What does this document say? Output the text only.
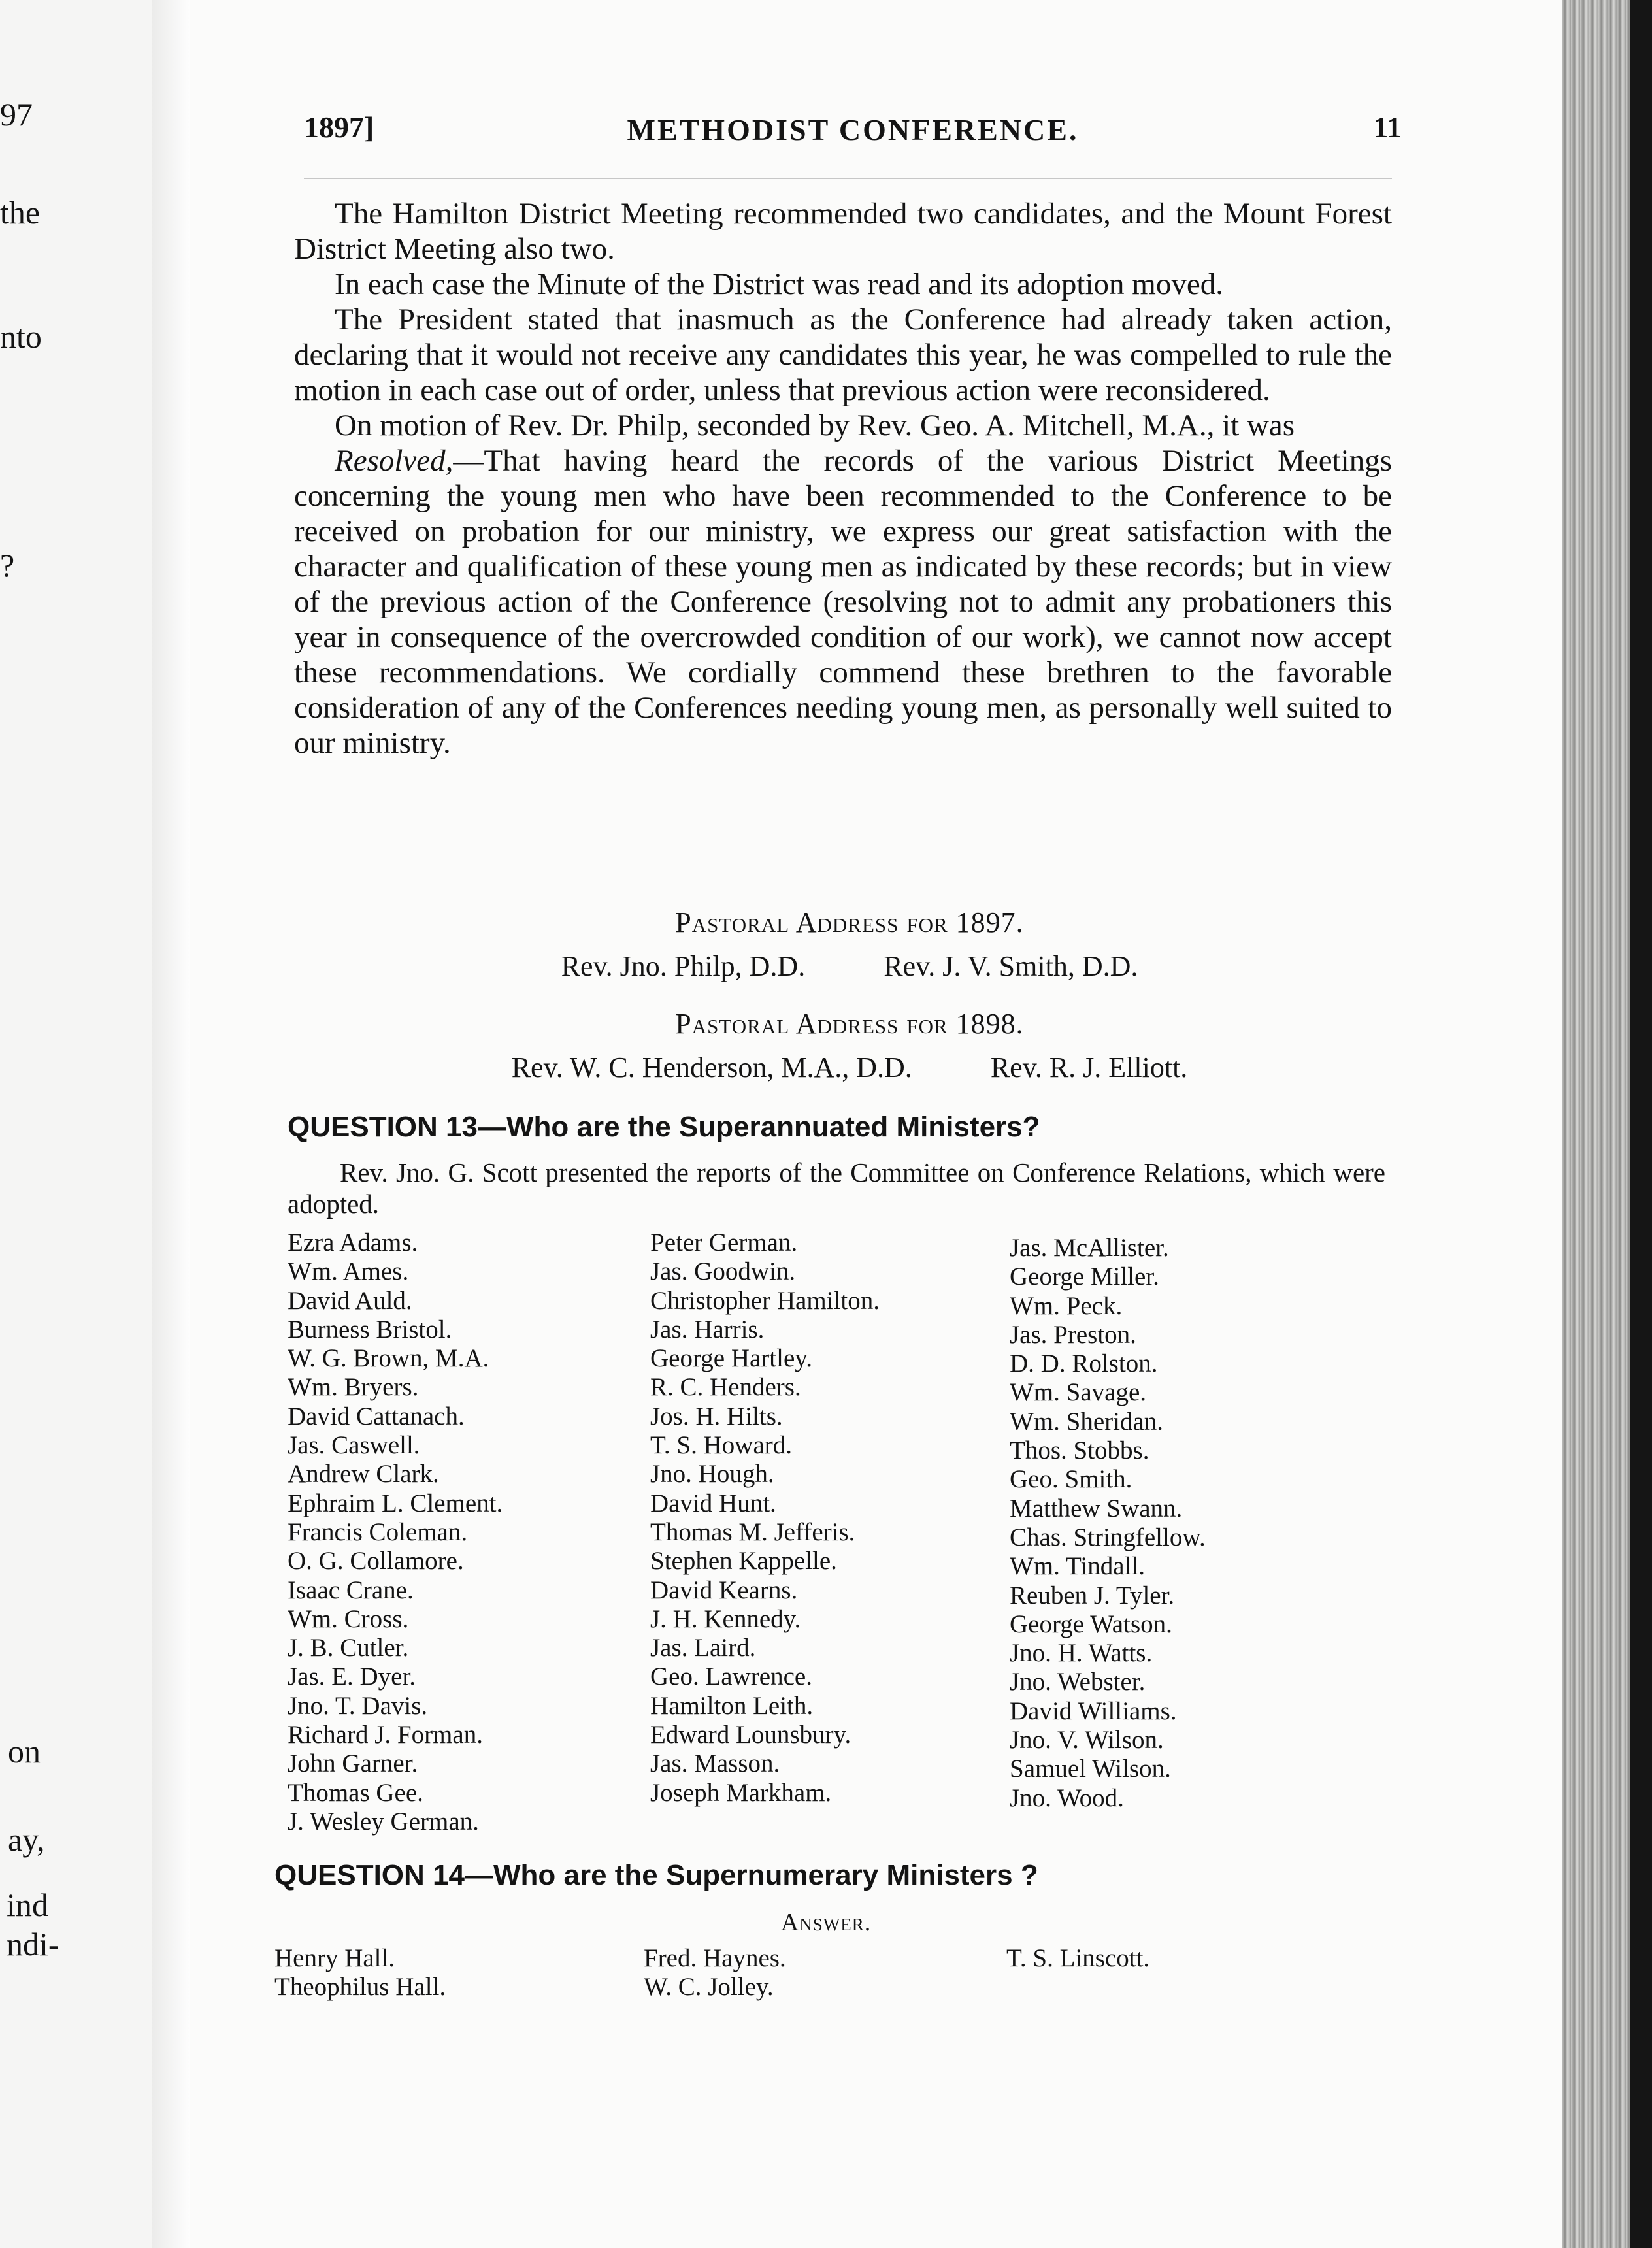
97
the
nto
?
on
ay,
ind
ndi-
1897]	METHODIST CONFERENCE.	11

The Hamilton District Meeting recommended two candidates, and the Mount Forest District Meeting also two.

In each case the Minute of the District was read and its adoption moved.

The President stated that inasmuch as the Conference had already taken action, declaring that it would not receive any candidates this year, he was compelled to rule the motion in each case out of order, unless that previous action were reconsidered.

On motion of Rev. Dr. Philp, seconded by Rev. Geo. A. Mitchell, M.A., it was

Resolved,—That having heard the records of the various District Meetings concerning the young men who have been recommended to the Conference to be received on probation for our ministry, we express our great satisfaction with the character and qualification of these young men as indicated by these records; but in view of the previous action of the Conference (resolving not to admit any probationers this year in consequence of the overcrowded condition of our work), we cannot now accept these recommendations. We cordially commend these brethren to the favorable consideration of any of the Conferences needing young men, as personally well suited to our ministry.

Pastoral Address for 1897.

Rev. Jno. Philp, D.D.	Rev. J. V. Smith, D.D.

Pastoral Address for 1898.

Rev. W. C. Henderson, M.A., D.D.	Rev. R. J. Elliott.
QUESTION 13—Who are the Superannuated Ministers?
Rev. Jno. G. Scott presented the reports of the Committee on Conference Relations, which were adopted.
Ezra Adams.
Wm. Ames.
David Auld.
Burness Bristol.
W. G. Brown, M.A.
Wm. Bryers.
David Cattanach.
Jas. Caswell.
Andrew Clark.
Ephraim L. Clement.
Francis Coleman.
O. G. Collamore.
Isaac Crane.
Wm. Cross.
J. B. Cutler.
Jas. E. Dyer.
Jno. T. Davis.
Richard J. Forman.
John Garner.
Thomas Gee.
J. Wesley German.
Peter German.
Jas. Goodwin.
Christopher Hamilton.
Jas. Harris.
George Hartley.
R. C. Henders.
Jos. H. Hilts.
T. S. Howard.
Jno. Hough.
David Hunt.
Thomas M. Jefferis.
Stephen Kappelle.
David Kearns.
J. H. Kennedy.
Jas. Laird.
Geo. Lawrence.
Hamilton Leith.
Edward Lounsbury.
Jas. Masson.
Joseph Markham.
Jas. McAllister.
George Miller.
Wm. Peck.
Jas. Preston.
D. D. Rolston.
Wm. Savage.
Wm. Sheridan.
Thos. Stobbs.
Geo. Smith.
Matthew Swann.
Chas. Stringfellow.
Wm. Tindall.
Reuben J. Tyler.
George Watson.
Jno. H. Watts.
Jno. Webster.
David Williams.
Jno. V. Wilson.
Samuel Wilson.
Jno. Wood.
QUESTION 14—Who are the Supernumerary Ministers ?
Answer.
Henry Hall.
Theophilus Hall.
Fred. Haynes.
W. C. Jolley.
T. S. Linscott.
